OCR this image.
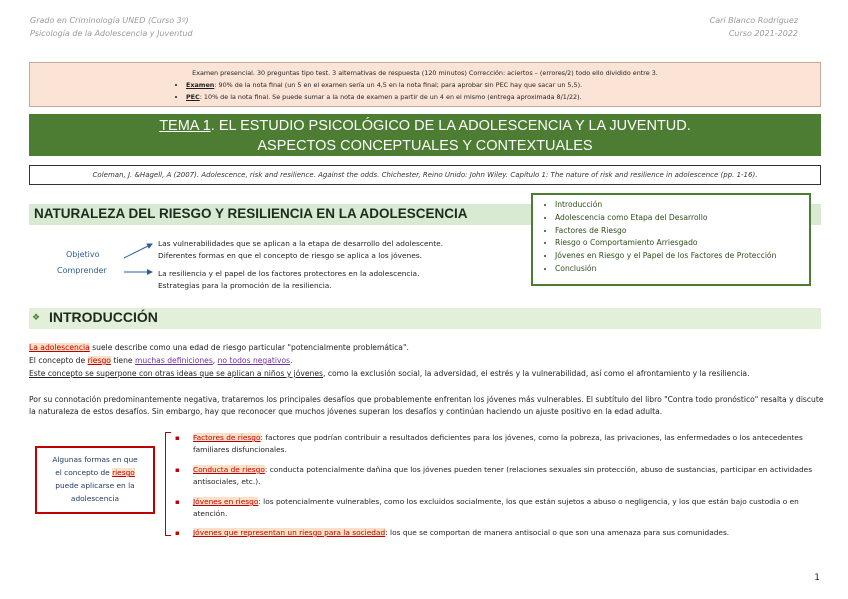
Grado en Criminología UNED (Curso 3º)
Psicología de la Adolescencia y Juventud
Cari Blanco Rodríguez
Curso 2021-2022
Examen presencial. 30 preguntas tipo test. 3 alternativas de respuesta (120 minutos) Corrección: aciertos – (errores/2) todo ello dividido entre 3.
• Examen: 90% de la nota final (un 5 en el examen sería un 4,5 en la nota final; para aprobar sin PEC hay que sacar un 5,5).
• PEC: 10% de la nota final. Se puede sumar a la nota de examen a partir de un 4 en el mismo (entrega aproximada 8/1/22).
TEMA 1. EL ESTUDIO PSICOLÓGICO DE LA ADOLESCENCIA Y LA JUVENTUD.
ASPECTOS CONCEPTUALES Y CONTEXTUALES
Coleman, J. &Hagell, A (2007). Adolescence, risk and resilience. Against the odds. Chichester, Reino Unido: John Wiley. Capítulo 1: The nature of risk and resilience in adolescence (pp. 1-16).
NATURALEZA DEL RIESGO Y RESILIENCIA EN LA ADOLESCENCIA
• Introducción
• Adolescencia como Etapa del Desarrollo
• Factores de Riesgo
• Riesgo o Comportamiento Arriesgado
• Jóvenes en Riesgo y el Papel de los Factores de Protección
• Conclusión
Objetivo
Comprender
Las vulnerabilidades que se aplican a la etapa de desarrollo del adolescente.
Diferentes formas en que el concepto de riesgo se aplica a los jóvenes.
La resiliencia y el papel de los factores protectores en la adolescencia.
Estrategias para la promoción de la resiliencia.
❖ INTRODUCCIÓN
La adolescencia suele describe como una edad de riesgo particular "potencialmente problemática".
El concepto de riesgo tiene muchas definiciones, no todos negativos.
Este concepto se superpone con otras ideas que se aplican a niños y jóvenes, como la exclusión social, la adversidad, el estrés y la vulnerabilidad, así como el afrontamiento y la resiliencia.
Por su connotación predominantemente negativa, trataremos los principales desafíos que probablemente enfrentan los jóvenes más vulnerables. El subtítulo del libro "Contra todo pronóstico" resalta y discute la naturaleza de estos desafíos. Sin embargo, hay que reconocer que muchos jóvenes superan los desafíos y continúan haciendo un ajuste positivo en la edad adulta.
Algunas formas en que
el concepto de riesgo
puede aplicarse en la
adolescencia
▪ Factores de riesgo: factores que podrían contribuir a resultados deficientes para los jóvenes, como la pobreza, las privaciones, las enfermedades o los antecedentes familiares disfuncionales.
▪ Conducta de riesgo: conducta potencialmente dañina que los jóvenes pueden tener (relaciones sexuales sin protección, abuso de sustancias, participar en actividades antisociales, etc.).
▪ Jóvenes en riesgo: los potencialmente vulnerables, como los excluidos socialmente, los que están sujetos a abuso o negligencia, y los que están bajo custodia o en atención.
▪ Jóvenes que representan un riesgo para la sociedad: los que se comportan de manera antisocial o que son una amenaza para sus comunidades.
1
